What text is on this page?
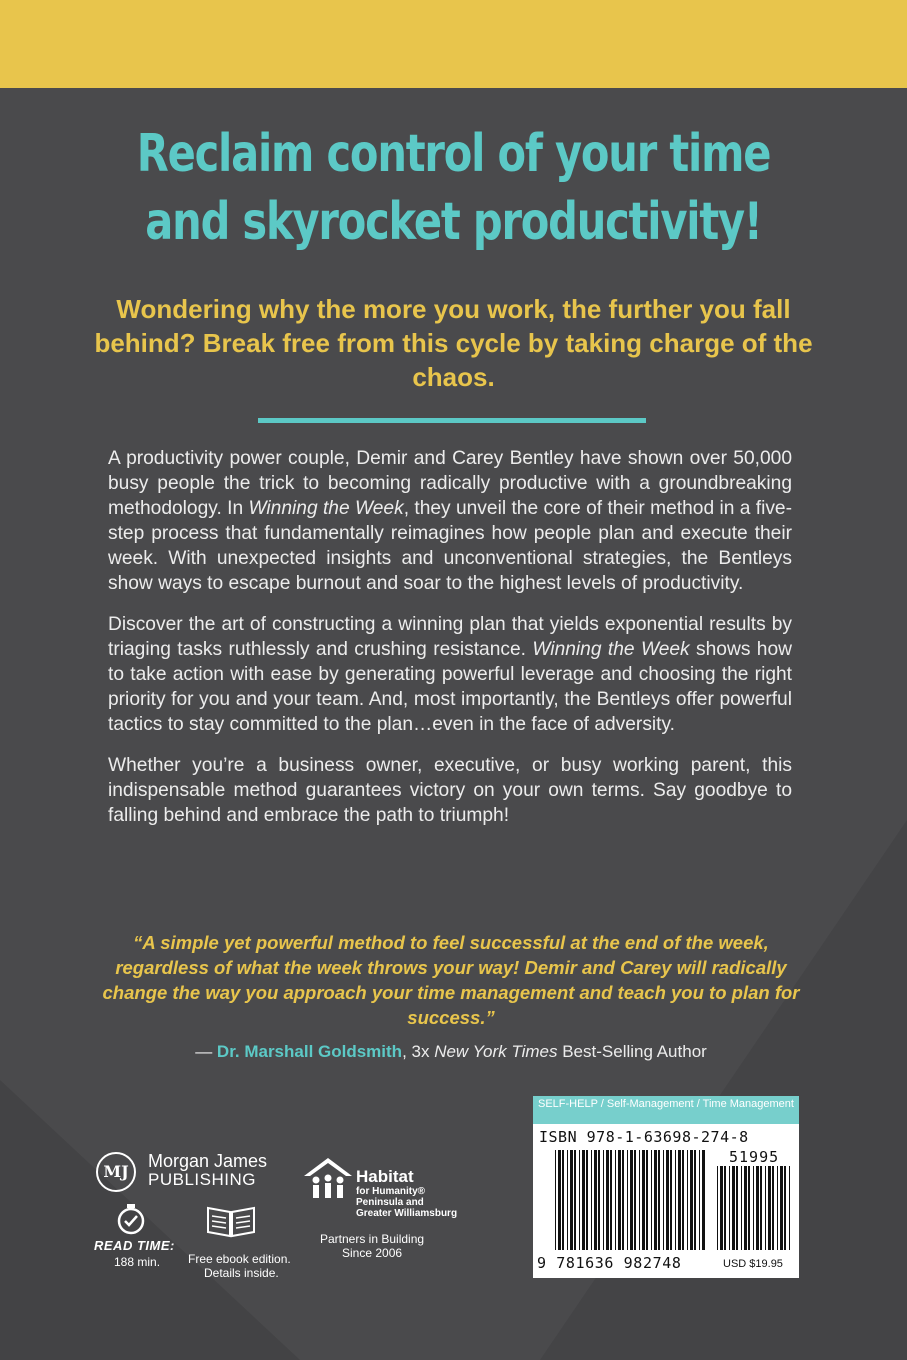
Reclaim control of your time
and skyrocket productivity!
Wondering why the more you work, the further you fall behind? Break free from this cycle by taking charge of the chaos.

A productivity power couple, Demir and Carey Bentley have shown over 50,000 busy people the trick to becoming radically productive with a groundbreaking methodology. In Winning the Week, they unveil the core of their method in a five-step process that fundamentally reimagines how people plan and execute their week. With unexpected insights and unconventional strategies, the Bentleys show ways to escape burnout and soar to the highest levels of productivity.

Discover the art of constructing a winning plan that yields exponential results by triaging tasks ruthlessly and crushing resistance. Winning the Week shows how to take action with ease by generating powerful leverage and choosing the right priority for you and your team. And, most importantly, the Bentleys offer powerful tactics to stay committed to the plan…even in the face of adversity.

Whether you’re a business owner, executive, or busy working parent, this indispensable method guarantees victory on your own terms. Say goodbye to falling behind and embrace the path to triumph!

“A simple yet powerful method to feel successful at the end of the week, regardless of what the week throws your way! Demir and Carey will radically change the way you approach your time management and teach you to plan for success.”
— Dr. Marshall Goldsmith, 3x New York Times Best-Selling Author
MJ
Morgan James
PUBLISHING
READ TIME:
188 min. Free ebook edition.
Details inside.
Habitat
for Humanity®
Peninsula and
Greater Williamsburg
Partners in Building
Since 2006
SELF-HELP / Self-Management / Time Management
ISBN 978-1-63698-274-8
51995
9 781636 982748	USD $19.95
